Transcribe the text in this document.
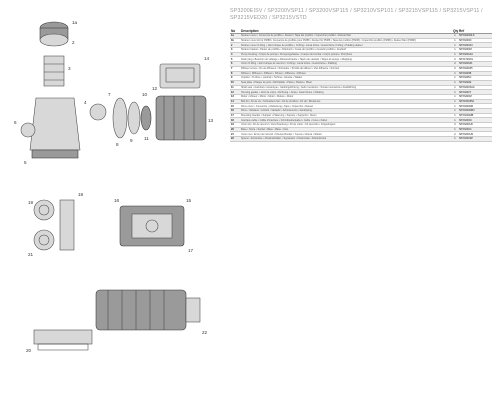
1a
2
3
4
5
6
7
8
9
10
11
12
13
14
15
16
17
18
19
20
21
22
SP3200EISV / SP3200VSP11 / SP3200VSP115 / SP3210VSP101 / SP3215VSP115 / SP3215VSP11 /
SP3215VED20 / SP3215VSTD
No	Description	Qty	Ref
1a	Strainer cover • Couvercle de préfiltre • Deckel • Tapa del prefiltro • Coperchio prefiltro • Deksel filter	1	SPX3200DLS
1b	Strainer cover kit for PM88 • Couvercle de préfiltre pour PM88 • Deckel für PM88 • Tapa del prefiltro (PM88) • Coperchio prefiltro (PM88) • Deksel filter (PM88)	1	SPX3200D
2	Strainer cover O-Ring • Joint torique de préfiltre • O-Ring • Junta tórica • Guarnizione O-Ring • Pakking deksel	1	SPX3200Z4
3	Strainer basket • Panier de préfiltre • Filterkorb • Cesta del prefiltro • Cestello prefiltro • Zeefkorf	1	SPX3200M
4	Pump housing • Corps de pompe • Pumpengehäuse • Cuerpo de bomba • Corpo pompa • Pomphuis	1	SPX3200AA
5	Drain plug • Bouchon de vidange • Ablassschraube • Tapón de vaciado • Tappo di spurgo • Aftapplug	2	SPX1700FG
6	Union O-Ring • Joint torique de raccord • O-Ring • Junta tórica • Guarnizione • Pakking	2	SPX3200Z1
7	Diffuser screw • Vis de diffuseur • Schraube • Tornillo del difusor • Vite diffusore • Schroef	2	SPX3200Z5
8	Diffuser • Diffuseur • Diffusor • Difusor • Diffusore • Diffuser	1	SPX3200B
9	Impeller • Turbine • Laufrad • Turbina • Girante • Waaier	1	SPX3205C
10	Seal plate • Plaque de joint • Dichtplatte • Placa • Piastra • Plaat	1	SPX3200E
11	Shaft seal • Garniture mécanique • Gleitringdichtung • Sello mecánico • Tenuta meccanica • Asafdichting	1	SPX3200SAA
12	Housing gasket • Joint de corps • Dichtung • Junta • Guarnizione • Pakking	1	SPX3200T
13	Motor • Moteur • Motor • Motor • Motore • Motor	1	SPX3200M
14	Bolt kit • Kit de vis • Schrauben-Set • Kit de tornillos • Kit viti • Boutenset	1	SPX1600Z52
15	Drive cover • Couvercle • Abdeckung • Tapa • Coperchio • Deksel	1	SPX3200DR
16	Drive • Variateur • Antrieb • Variador • Azionamento • Aandrijving	1	SPX3200DRV
17	Mounting bracket • Support • Halterung • Soporte • Supporto • Steun	1	SPX3200MB
18	Interface cable • Câble d'interface • Schnittstellenkabel • Cable • Cavo • Kabel	1	SPX3200IC
19	Union kit • Kit de raccord • Verschraubung • Kit de unión • Kit raccordo • Koppelingset	2	SPX3200UK
20	Base • Socle • Sockel • Base • Base • Voet	1	SPX3200G
21	Union nut • Écrou de raccord • Überwurfmutter • Tuerca • Ghiera • Wartel	2	SPX3200UN
22	Spacer • Entretoise • Abstandshalter • Separador • Distanziale • Afstandsstuk	1	SPX3200SP
